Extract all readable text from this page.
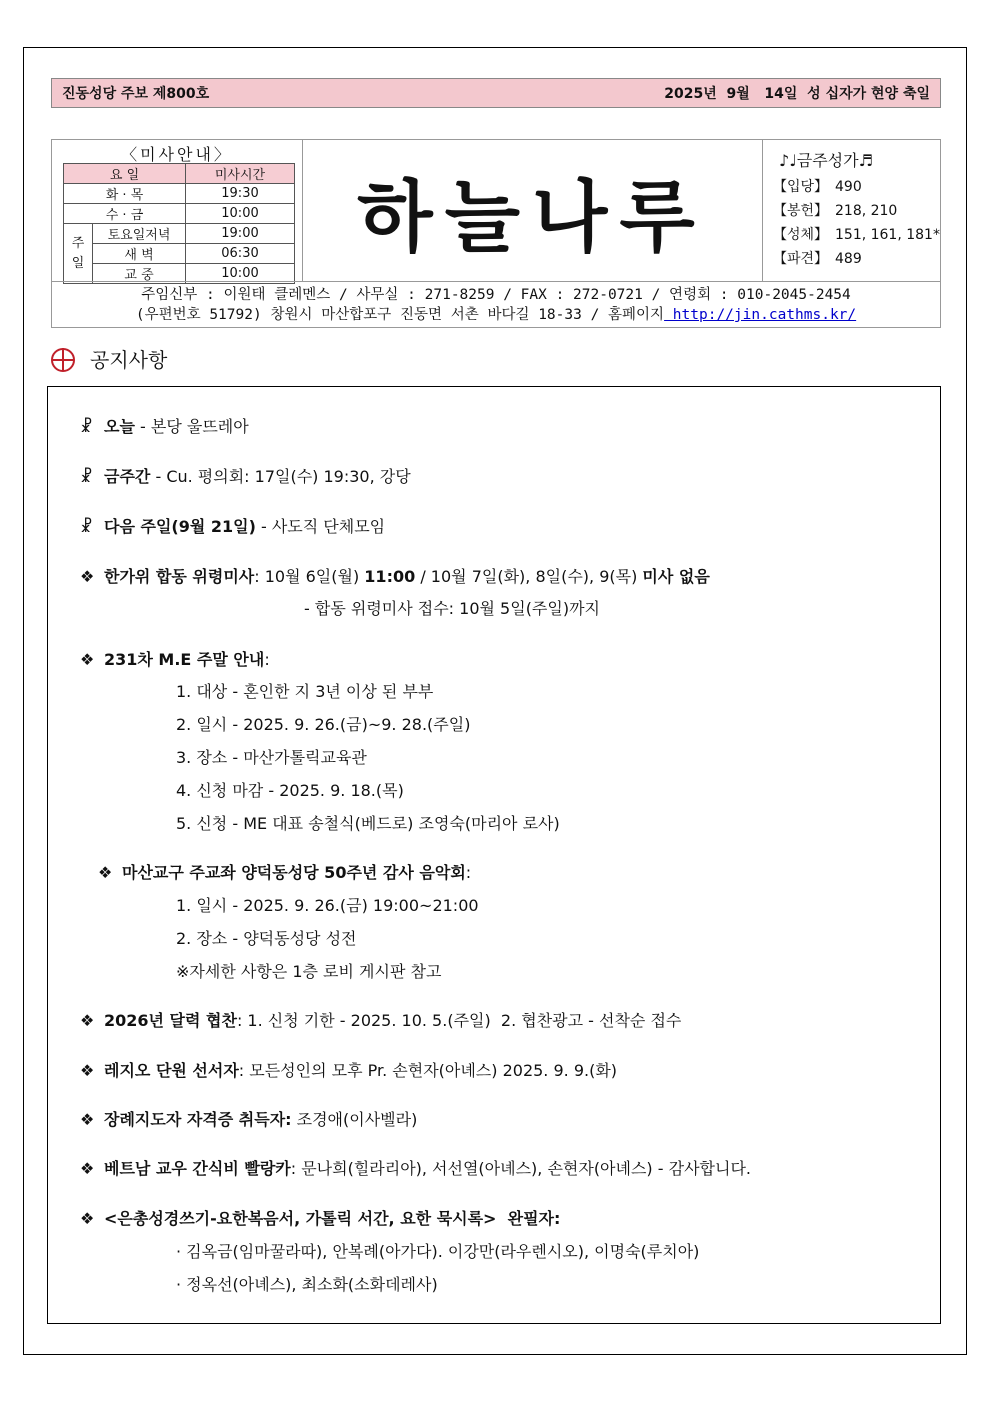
진동성당 주보 제800호	2025년  9월   14일  성 십자가 현양 축일
〈미사안내〉
요 일		미사시간
화 · 목		19:30
수 · 금		10:00
주일	토요일저녁	19:00
	새 벽	06:30
	교 중	10:00
하늘나루
♪♩금주성가♬
【입당】 490
【봉헌】 218, 210
【성체】 151, 161, 181*
【파견】 489
주임신부 : 이원태 클레멘스 / 사무실 : 271-8259 / FAX : 272-0721 / 연령회 : 010-2045-2454
(우편번호 51792) 창원시 마산합포구 진동면 서촌 바다길 18-33 / 홈페이지 http://jin.cathms.kr/
공지사항
☧ 오늘 - 본당 울뜨레아
☧ 금주간 - Cu. 평의회: 17일(수) 19:30, 강당
☧ 다음 주일(9월 21일) - 사도직 단체모임
❖ 한가위 합동 위령미사: 10월 6일(월) 11:00 / 10월 7일(화), 8일(수), 9(목) 미사 없음
- 합동 위령미사 접수: 10월 5일(주일)까지
❖ 231차 M.E 주말 안내:
1. 대상 - 혼인한 지 3년 이상 된 부부
2. 일시 - 2025. 9. 26.(금)~9. 28.(주일)
3. 장소 - 마산가톨릭교육관
4. 신청 마감 - 2025. 9. 18.(목)
5. 신청 - ME 대표 송철식(베드로) 조영숙(마리아 로사)
❖ 마산교구 주교좌 양덕동성당 50주년 감사 음악회:
1. 일시 - 2025. 9. 26.(금) 19:00~21:00
2. 장소 - 양덕동성당 성전
※자세한 사항은 1층 로비 게시판 참고
❖ 2026년 달력 협찬: 1. 신청 기한 - 2025. 10. 5.(주일)  2. 협찬광고 - 선착순 접수
❖ 레지오 단원 선서자: 모든성인의 모후 Pr. 손현자(아녜스) 2025. 9. 9.(화)
❖ 장례지도자 자격증 취득자: 조경애(이사벨라)
❖ 베트남 교우 간식비 빨랑카: 문나희(힐라리아), 서선열(아녜스), 손현자(아녜스) - 감사합니다.
❖ <은총성경쓰기-요한복음서, 가톨릭 서간, 요한 묵시록>  완필자:
· 김옥금(임마꿀라따), 안복례(아가다). 이강만(라우렌시오), 이명숙(루치아)
· 정옥선(아녜스), 최소화(소화데레사)
